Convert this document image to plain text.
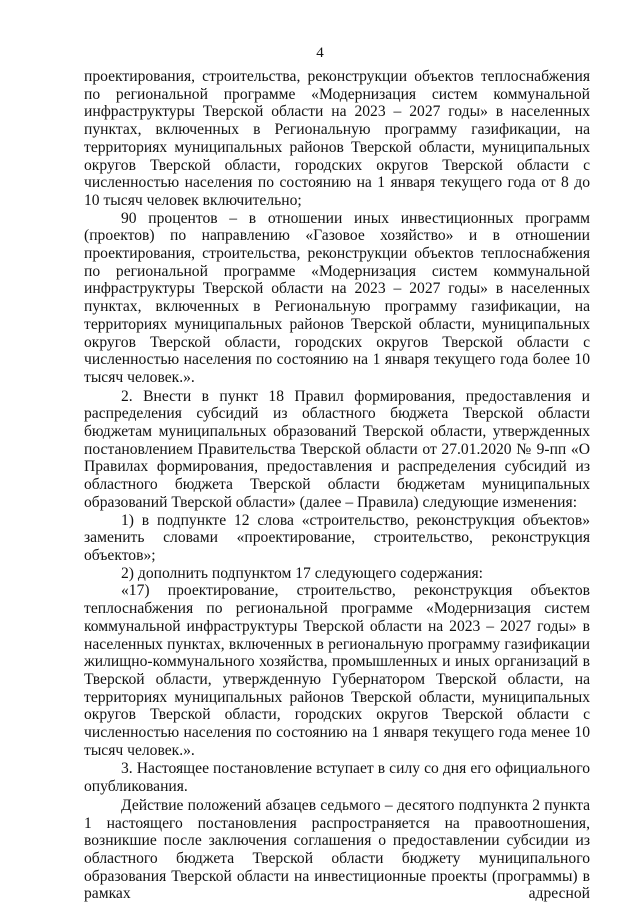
4

проектирования, строительства, реконструкции объектов теплоснабжения по региональной программе «Модернизация систем коммунальной инфраструктуры Тверской области на 2023 – 2027 годы» в населенных пунктах, включенных в Региональную программу газификации, на территориях муниципальных районов Тверской области, муниципальных округов Тверской области, городских округов Тверской области с численностью населения по состоянию на 1 января текущего года от 8 до 10 тысяч человек включительно;

90 процентов – в отношении иных инвестиционных программ (проектов) по направлению «Газовое хозяйство» и в отношении проектирования, строительства, реконструкции объектов теплоснабжения по региональной программе «Модернизация систем коммунальной инфраструктуры Тверской области на 2023 – 2027 годы» в населенных пунктах, включенных в Региональную программу газификации, на территориях муниципальных районов Тверской области, муниципальных округов Тверской области, городских округов Тверской области с численностью населения по состоянию на 1 января текущего года более 10 тысяч человек.».

2. Внести в пункт 18 Правил формирования, предоставления и распределения субсидий из областного бюджета Тверской области бюджетам муниципальных образований Тверской области, утвержденных постановлением Правительства Тверской области от 27.01.2020 № 9-пп «О Правилах формирования, предоставления и распределения субсидий из областного бюджета Тверской области бюджетам муниципальных образований Тверской области» (далее – Правила) следующие изменения:

1) в подпункте 12 слова «строительство, реконструкция объектов» заменить словами «проектирование, строительство, реконструкция объектов»;

2) дополнить подпунктом 17 следующего содержания:

«17) проектирование, строительство, реконструкция объектов теплоснабжения по региональной программе «Модернизация систем коммунальной инфраструктуры Тверской области на 2023 – 2027 годы» в населенных пунктах, включенных в региональную программу газификации жилищно-коммунального хозяйства, промышленных и иных организаций в Тверской области, утвержденную Губернатором Тверской области, на территориях муниципальных районов Тверской области, муниципальных округов Тверской области, городских округов Тверской области с численностью населения по состоянию на 1 января текущего года менее 10 тысяч человек.».

3. Настоящее постановление вступает в силу со дня его официального опубликования.

Действие положений абзацев седьмого – десятого подпункта 2 пункта 1 настоящего постановления распространяется на правоотношения, возникшие после заключения соглашения о предоставлении субсидии из областного бюджета Тверской области бюджету муниципального образования Тверской области на инвестиционные проекты (программы) в рамках адресной
